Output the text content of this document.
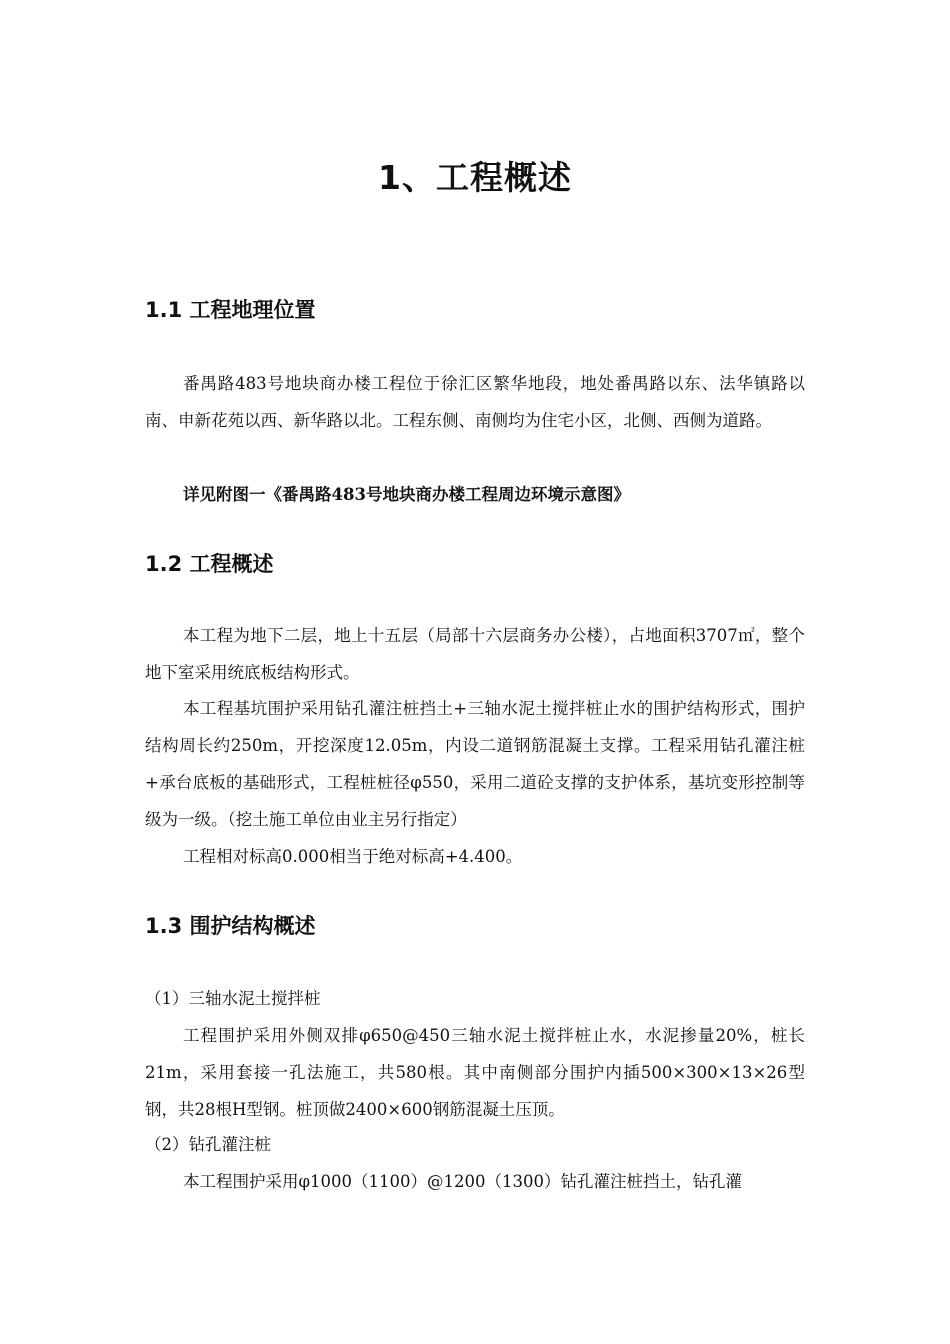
1、工程概述
1.1 工程地理位置

番禺路483号地块商办楼工程位于徐汇区繁华地段，地处番禺路以东、法华镇路以南、申新花苑以西、新华路以北。工程东侧、南侧均为住宅小区，北侧、西侧为道路。

详见附图一《番禺路483号地块商办楼工程周边环境示意图》
1.2 工程概述

本工程为地下二层，地上十五层（局部十六层商务办公楼），占地面积3707㎡，整个地下室采用统底板结构形式。

本工程基坑围护采用钻孔灌注桩挡土+三轴水泥土搅拌桩止水的围护结构形式，围护结构周长约250m，开挖深度12.05m，内设二道钢筋混凝土支撑。工程采用钻孔灌注桩+承台底板的基础形式，工程桩桩径φ550，采用二道砼支撑的支护体系，基坑变形控制等级为一级。（挖土施工单位由业主另行指定）

工程相对标高0.000相当于绝对标高+4.400。

1.3 围护结构概述
（1）三轴水泥土搅拌桩

工程围护采用外侧双排φ650@450三轴水泥土搅拌桩止水，水泥掺量20%，桩长21m，采用套接一孔法施工，共580根。其中南侧部分围护内插500×300×13×26型钢，共28根H型钢。桩顶做2400×600钢筋混凝土压顶。

（2）钻孔灌注桩

本工程围护采用φ1000（1100）@1200（1300）钻孔灌注桩挡土，钻孔灌
